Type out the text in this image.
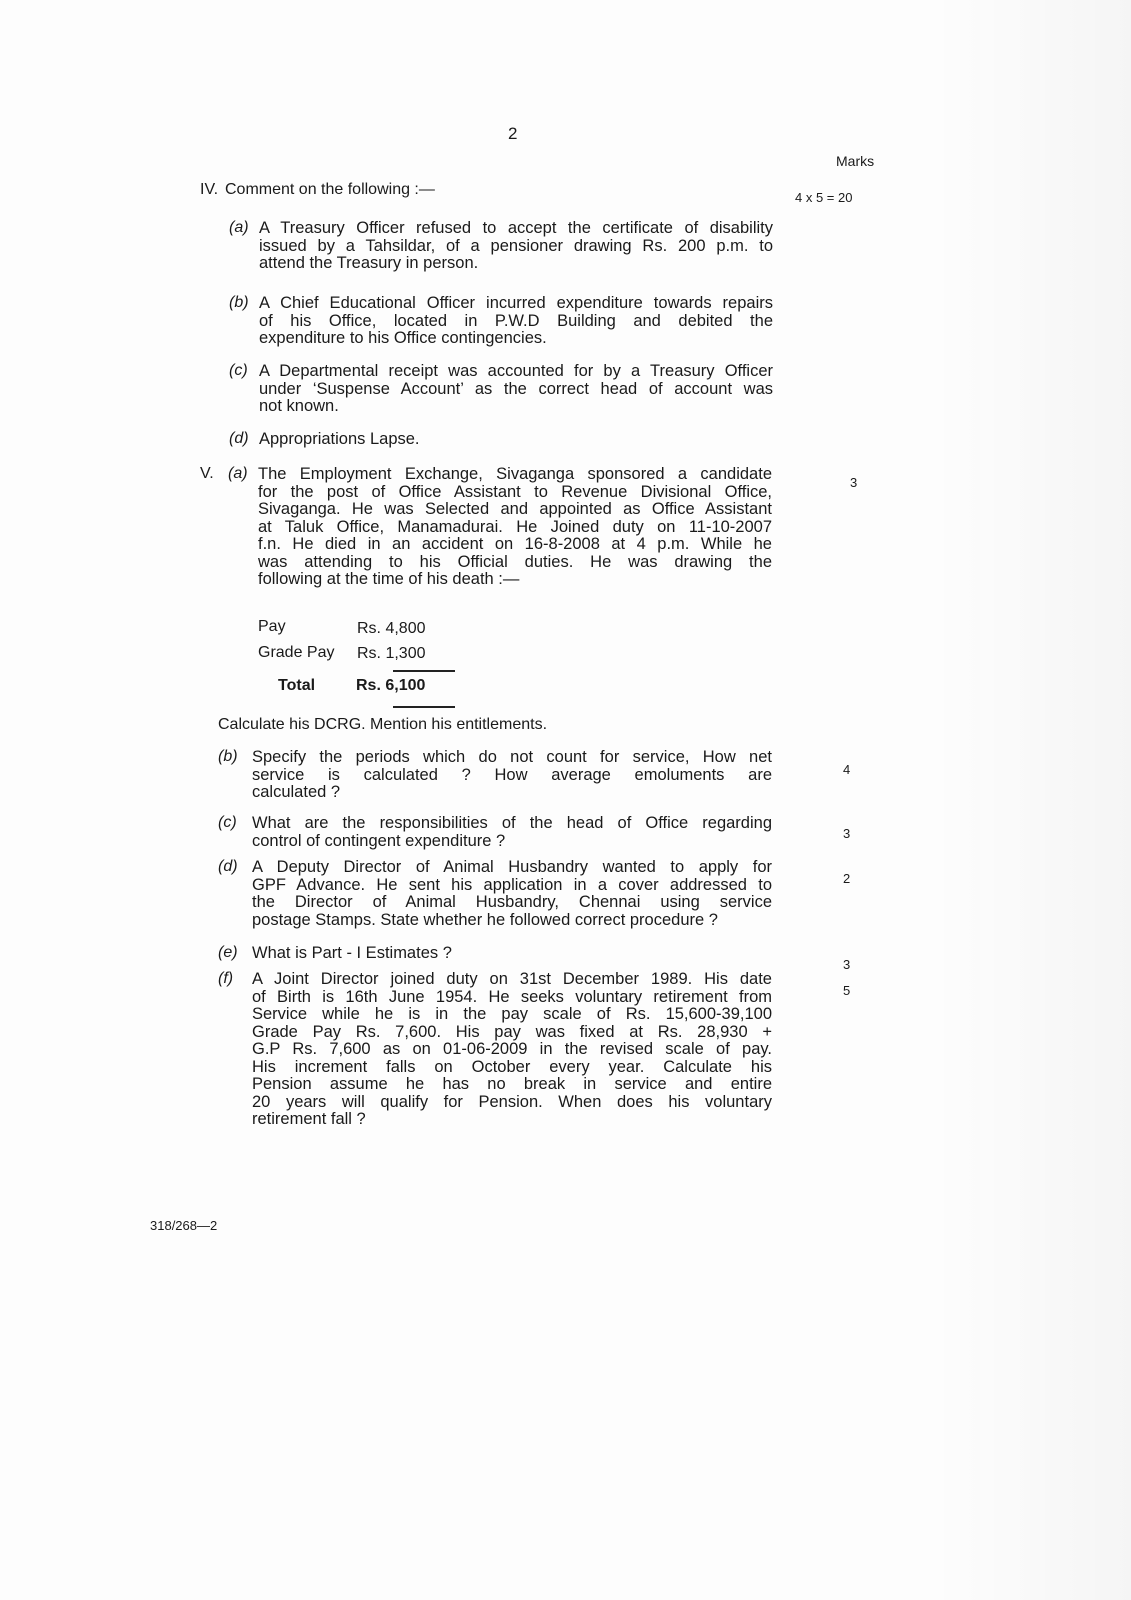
2
Marks
IV. Comment on the following :—	4 x 5 = 20
V.
Pay	Rs. 4,800
Grade Pay Rs. 1,300
Total	Rs. 6,100
Calculate his DCRG. Mention his entitlements.
318/268—2
(a) A Treasury Officer refused to accept the certificate of disability
issued by a Tahsildar, of a pensioner drawing Rs. 200 p.m. to
attend the Treasury in person.
(b) A Chief Educational Officer incurred expenditure towards repairs
of his Office, located in P.W.D Building and debited the
expenditure to his Office contingencies.
(c) A Departmental receipt was accounted for by a Treasury Officer
under ‘Suspense Account’ as the correct head of account was
not known.
(d) Appropriations Lapse.
(a) The Employment Exchange, Sivaganga sponsored a candidate
for the post of Office Assistant to Revenue Divisional Office,
Sivaganga. He was Selected and appointed as Office Assistant
at Taluk Office, Manamadurai. He Joined duty on 11-10-2007
f.n. He died in an accident on 16-8-2008 at 4 p.m. While he
was attending to his Official duties. He was drawing the
following at the time of his death :—
3
(b) Specify the periods which do not count for service, How net
service is calculated ? How average emoluments are
calculated ?
4
(c) What are the responsibilities of the head of Office regarding
control of contingent expenditure ?	3
(d) A Deputy Director of Animal Husbandry wanted to apply for
GPF Advance. He sent his application in a cover addressed to
the Director of Animal Husbandry, Chennai using service
postage Stamps. State whether he followed correct procedure ?
2
(e) What is Part - I Estimates ?
3
(f) A Joint Director joined duty on 31st December 1989. His date
of Birth is 16th June 1954. He seeks voluntary retirement from
Service while he is in the pay scale of Rs. 15,600-39,100
Grade Pay Rs. 7,600. His pay was fixed at Rs. 28,930 +
G.P Rs. 7,600 as on 01-06-2009 in the revised scale of pay.
His increment falls on October every year. Calculate his
Pension assume he has no break in service and entire
20 years will qualify for Pension. When does his voluntary
retirement fall ?
5
